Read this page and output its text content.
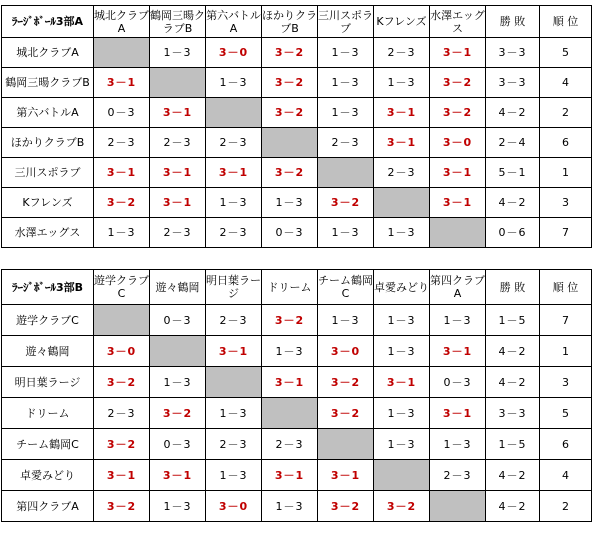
ﾗｰｼﾞﾎﾞｰﾙ3部A	城北クラブA	鶴岡三暘クラブB	第六バトルA	ほかりクラブB	三川スポラブ	Kフレンズ	水澤エッグス	勝 敗	順 位
城北クラブA		1－3	3－0	3－2	1－3	2－3	3－1	3－3	5
鶴岡三暘クラブB	3－1		1－3	3－2	1－3	1－3	3－2	3－3	4
第六バトルA	0－3	3－1		3－2	1－3	3－1	3－2	4－2	2
ほかりクラブB	2－3	2－3	2－3		2－3	3－1	3－0	2－4	6
三川スポラブ	3－1	3－1	3－1	3－2		2－3	3－1	5－1	1
Kフレンズ	3－2	3－1	1－3	1－3	3－2		3－1	4－2	3
水澤エッグス	1－3	2－3	2－3	0－3	1－3	1－3		0－6	7
ﾗｰｼﾞﾎﾞｰﾙ3部B	遊学クラブC	遊々鶴岡	明日葉ラージ	ドリーム	チーム鶴岡C	卓愛みどり	第四クラブA	勝 敗	順 位
遊学クラブC		0－3	2－3	3－2	1－3	1－3	1－3	1－5	7
遊々鶴岡	3－0		3－1	1－3	3－0	1－3	3－1	4－2	1
明日葉ラージ	3－2	1－3		3－1	3－2	3－1	0－3	4－2	3
ドリーム	2－3	3－2	1－3		3－2	1－3	3－1	3－3	5
チーム鶴岡C	3－2	0－3	2－3	2－3		1－3	1－3	1－5	6
卓愛みどり	3－1	3－1	1－3	3－1	3－1		2－3	4－2	4
第四クラブA	3－2	1－3	3－0	1－3	3－2	3－2		4－2	2
